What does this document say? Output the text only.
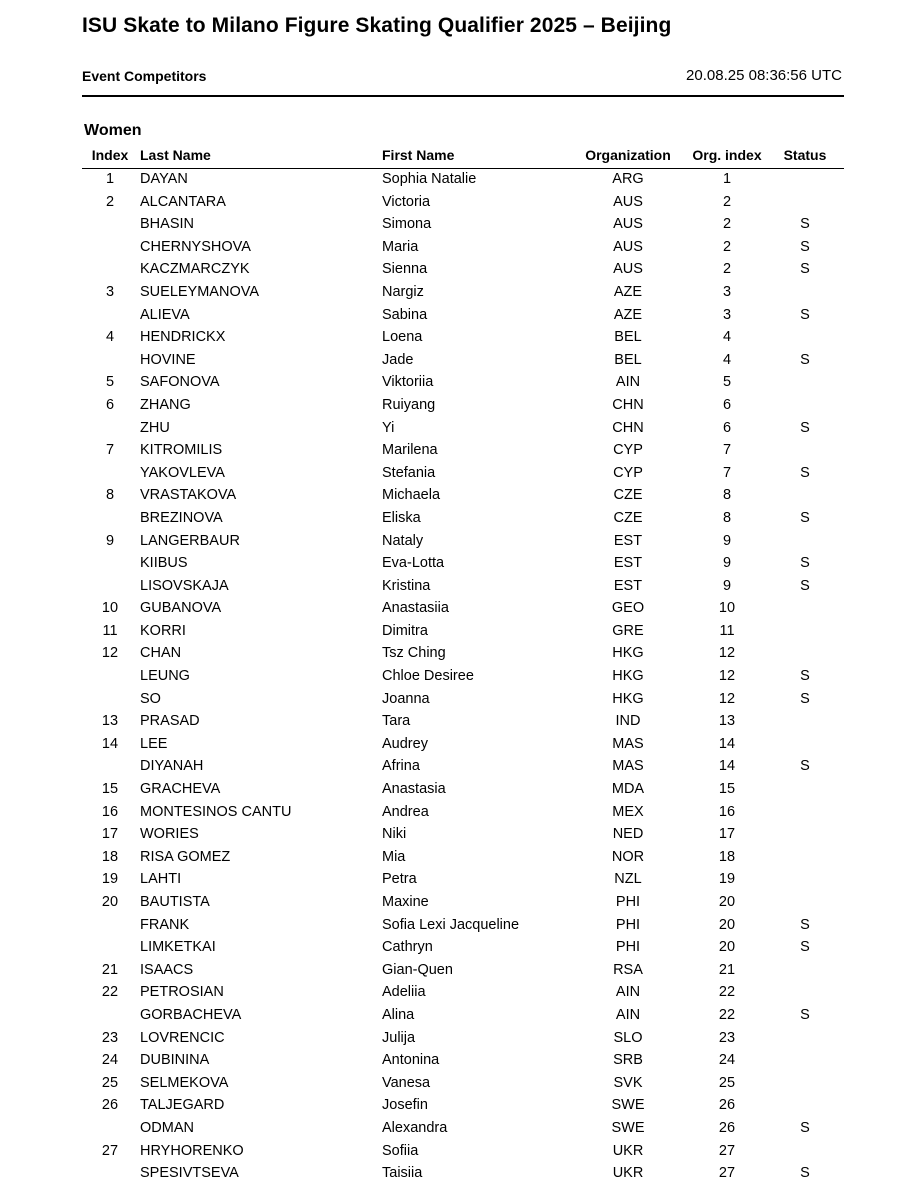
ISU Skate to Milano Figure Skating Qualifier 2025 – Beijing
Event Competitors	20.08.25 08:36:56 UTC
Women
Index Last Name	First Name	Organization	Org. index	Status
1	DAYAN	Sophia Natalie	ARG	1
2	ALCANTARA	Victoria	AUS	2
BHASIN	Simona	AUS	2	S
CHERNYSHOVA	Maria	AUS	2	S
KACZMARCZYK	Sienna	AUS	2	S
3	SUELEYMANOVA	Nargiz	AZE	3
ALIEVA	Sabina	AZE	3	S
4	HENDRICKX	Loena	BEL	4
HOVINE	Jade	BEL	4	S
5	SAFONOVA	Viktoriia	AIN	5
6	ZHANG	Ruiyang	CHN	6
ZHU	Yi	CHN	6	S
7	KITROMILIS	Marilena	CYP	7
YAKOVLEVA	Stefania	CYP	7	S
8	VRASTAKOVA	Michaela	CZE	8
BREZINOVA	Eliska	CZE	8	S
9	LANGERBAUR	Nataly	EST	9
KIIBUS	Eva-Lotta	EST	9	S
LISOVSKAJA	Kristina	EST	9	S
10	GUBANOVA	Anastasiia	GEO	10
11	KORRI	Dimitra	GRE	11
12	CHAN	Tsz Ching	HKG	12
LEUNG	Chloe Desiree	HKG	12	S
SO	Joanna	HKG	12	S
13	PRASAD	Tara	IND	13
14	LEE	Audrey	MAS	14
DIYANAH	Afrina	MAS	14	S
15	GRACHEVA	Anastasia	MDA	15
16	MONTESINOS CANTU	Andrea	MEX	16
17	WORIES	Niki	NED	17
18	RISA GOMEZ	Mia	NOR	18
19	LAHTI	Petra	NZL	19
20	BAUTISTA	Maxine	PHI	20
FRANK	Sofia Lexi Jacqueline	PHI	20	S
LIMKETKAI	Cathryn	PHI	20	S
21	ISAACS	Gian-Quen	RSA	21
22	PETROSIAN	Adeliia	AIN	22
GORBACHEVA	Alina	AIN	22	S
23	LOVRENCIC	Julija	SLO	23
24	DUBININA	Antonina	SRB	24
25	SELMEKOVA	Vanesa	SVK	25
26	TALJEGARD	Josefin	SWE	26
ODMAN	Alexandra	SWE	26	S
27	HRYHORENKO	Sofiia	UKR	27
SPESIVTSEVA	Taisiia	UKR	27	S
